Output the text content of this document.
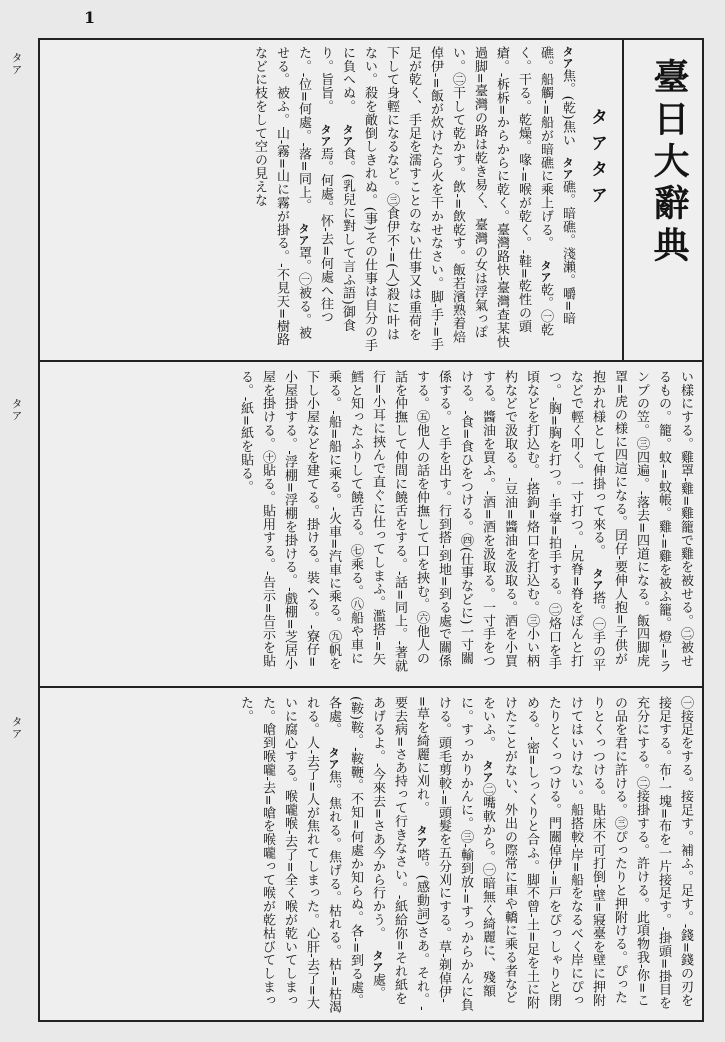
1
タア
タア
タア
臺日大辭典
タアタア
タア焦。(乾)焦い タア礁。暗礁。淺瀨。嚼=暗礁。船觸-=船が暗礁に乘上げる。 タア乾。㊀乾く。干る。乾燥。喙-=喉が乾く。-鞋=乾性の頭瘡。-柝柝=からからに乾く。臺灣路快-臺灣查某快過脚=臺灣の路は乾き易く、臺灣の女は浮氣っぽい。㊁干して乾かす。飲-=飲乾す。飯若濱熟着焙倬伊-=飯が炊けたら火を干かせなさい。脚-手-=手足が乾く、手足を濡すことのない仕事又は重荷を下して身輕になるなど。㊂食伊不-=(人)殺に叶はない。殺を敵倒しきれぬ。(事)その仕事は自分の手に負へぬ。 タア食。(乳兒に對して言ふ語)御食り。旨旨。 タア焉。何處。怀-去=何處へ往つた。-位=何處。-落=同上。 タア罩。㊀被る。被せる。被ふ。山-霧=山に霧が掛る。-不見天=樹路などに枝をして空の見えな
い樣にする。雞罩-雞=雞籠で雞を被せる。㊁被せるもの。籠。蚊-=蚊帳。雞-=雞を被ふ籠。燈-=ランプの笠。㊂四遍。-落去=四道になる。飯四脚虎罩=虎の様に四這になる。囝仔-要伸人抱=子供が抱かれ様として伸掛って來る。 タア搭。㊀手の平などで輕く叩く。一寸打つ。-尻脊=脊をぽんと打つ。-胸=胸を打つ。-手掌=拍手する。㊁烙口を手頃などを打込む。-搭鉤=烙口を打込む。㊂小い柄杓などで汲取る。-豆油=醬油を汲取る。酒を小買する。醬油を買ふ。-酒=酒を汲取る。一寸手をつける。-食=食ひをつける。㊃(仕事などに)一寸關係する。と手を出す。行到搭-到地=到る處で關係する。㊄他人の話を仲撫して口を挾む。㊅他人の話を仲撫して仲間に饒舌をする。-話=同上。-著就行=小耳に挾んで直ぐに仕ってしまふ。濫搭-=矢鱈と知ったふりして饒舌る。㊆乘る。㊇船や車に乘る。-船=船に乘る。-火車=汽車に乘る。㊈帆を下し小屋などを建てる。掛ける。裝へる。-寮仔=小屋掛する。-浮棚=浮棚を掛ける。-戲棚=芝居小屋を掛ける。㊉貼る。貼用する。-告示=告示を貼る。-紙=紙を貼る。
㊀接足をする。接足す。補ふ。足す。-錢=錢の刃を接足する。布-一塊=布を一片接足す。-掛頭=掛目を充分にする。㊁接掛する。許ける。此項物我-你=この品を君に許ける。㊂ぴったりと押附ける。ぴったりとくっつける。貼床不可打倒-壁=寢臺を壁に押附けてはいけない。船搭較-岸=船をなるべく岸にぴったりとくっつける。門關倬伊-=戸をぴっしゃりと閉める。-密=しっくりと合ふ。脚不曾-土=足を土に附けたことがない、外出の際常に車や轎に乘る者などをいふ。 タア㊁嘴軟から。㊀暗無く綺麗に、殘額に。すっかりかんに。㊂-輸到放-=すっからかんに負ける。頭毛剪較-=頭髮を五分刈にする。草-剃倬伊-=草を綺麗に刈れ。 タア嗒。(感動詞)さあ。それ。-要去病=さあ持って行きなさい。-紙給你=それ紙をあげるよ。-今來去=さあ今から行かう。 タア處。(鞍)鞍。-鞍鞭。不知=何處か知らぬ。各-=到る處。各處。 タア焦。焦れる。焦げる。枯れる。枯-=枯渴れる。人-去了=人が焦れてしまった。心肝-去了=大いに腐心する。喉嚨喉-去了=全く喉が乾いてしまった。嗆到喉嚨-去=嗆を喉嚨って喉が乾枯びてしまった。
